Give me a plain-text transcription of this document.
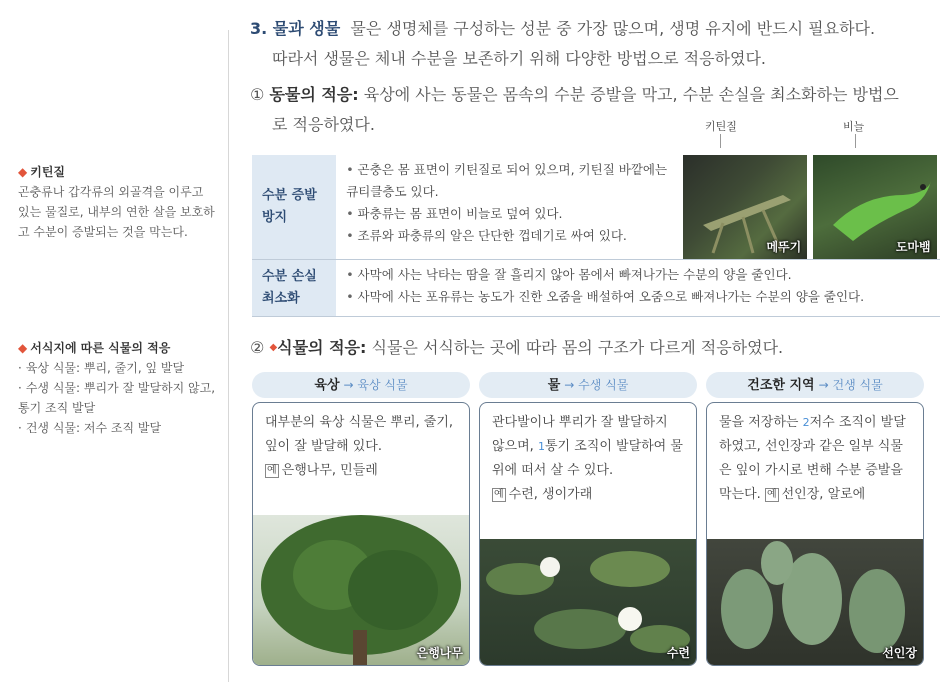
◆ 키틴질
곤충류나 갑각류의 외골격을 이루고 있는 물질로, 내부의 연한 살을 보호하고 수분이 증발되는 것을 막는다.
◆ 서식지에 따른 식물의 적응
· 육상 식물: 뿌리, 줄기, 잎 발달
· 수생 식물: 뿌리가 잘 발달하지 않고, 통기 조직 발달
· 건생 식물: 저수 조직 발달
3. 물과 생물 물은 생명체를 구성하는 성분 중 가장 많으며, 생명 유지에 반드시 필요하다.
따라서 생물은 체내 수분을 보존하기 위해 다양한 방법으로 적응하였다.
① 동물의 적응: 육상에 사는 동물은 몸속의 수분 증발을 막고, 수분 손실을 최소화하는 방법으
로 적응하였다.	키틴질	비늘
수분 증발 방지	• 곤충은 몸 표면이 키틴질로 되어 있으며, 키틴질 바깥에는 큐티클층도 있다.
• 파충류는 몸 표면이 비늘로 덮여 있다.
• 조류와 파충류의 알은 단단한 껍데기로 싸여 있다.	메뚜기	도마뱀

수분 손실 최소화	• 사막에 사는 낙타는 땀을 잘 흘리지 않아 몸에서 빠져나가는 수분의 양을 줄인다.
• 사막에 사는 포유류는 농도가 진한 오줌을 배설하여 오줌으로 빠져나가는 수분의 양을 줄인다.
② ◆식물의 적응: 식물은 서식하는 곳에 따라 몸의 구조가 다르게 적응하였다.
육상 → 육상 식물
대부분의 육상 식물은 뿌리, 줄기, 잎이 잘 발달해 있다.
예 은행나무, 민들레
은행나무
물 → 수생 식물
관다발이나 뿌리가 잘 발달하지 않으며, $^1$통기 조직이 발달하여 물 위에 떠서 살 수 있다.
예 수련, 생이가래
수련
건조한 지역 → 건생 식물
물을 저장하는 $^2$저수 조직이 발달하였고, 선인장과 같은 일부 식물은 잎이 가시로 변해 수분 증발을 막는다. 예 선인장, 알로에
선인장
